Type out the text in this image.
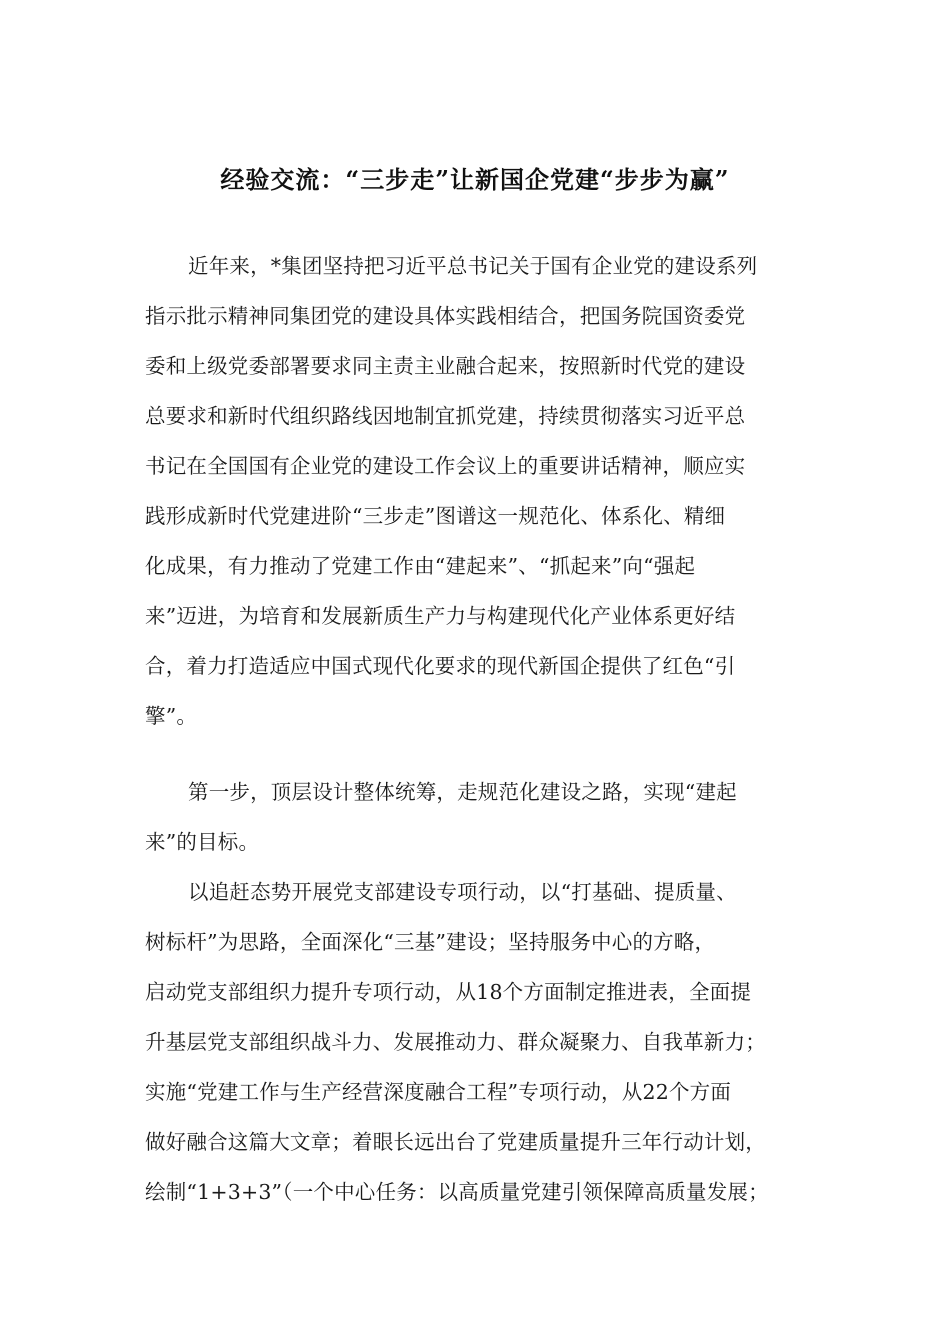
经验交流：“三步走”让新国企党建“步步为赢”
近年来，*集团坚持把习近平总书记关于国有企业党的建设系列
指示批示精神同集团党的建设具体实践相结合，把国务院国资委党
委和上级党委部署要求同主责主业融合起来，按照新时代党的建设
总要求和新时代组织路线因地制宜抓党建，持续贯彻落实习近平总
书记在全国国有企业党的建设工作会议上的重要讲话精神，顺应实
践形成新时代党建进阶“三步走”图谱这一规范化、体系化、精细
化成果，有力推动了党建工作由“建起来”、“抓起来”向“强起
来”迈进，为培育和发展新质生产力与构建现代化产业体系更好结
合，着力打造适应中国式现代化要求的现代新国企提供了红色“引
擎”。
第一步，顶层设计整体统筹，走规范化建设之路，实现“建起
来”的目标。
以追赶态势开展党支部建设专项行动，以“打基础、提质量、
树标杆”为思路，全面深化“三基”建设；坚持服务中心的方略，
启动党支部组织力提升专项行动，从18个方面制定推进表，全面提
升基层党支部组织战斗力、发展推动力、群众凝聚力、自我革新力；
实施“党建工作与生产经营深度融合工程”专项行动，从22个方面
做好融合这篇大文章；着眼长远出台了党建质量提升三年行动计划，
绘制“1+3+3”（一个中心任务：以高质量党建引领保障高质量发展；
